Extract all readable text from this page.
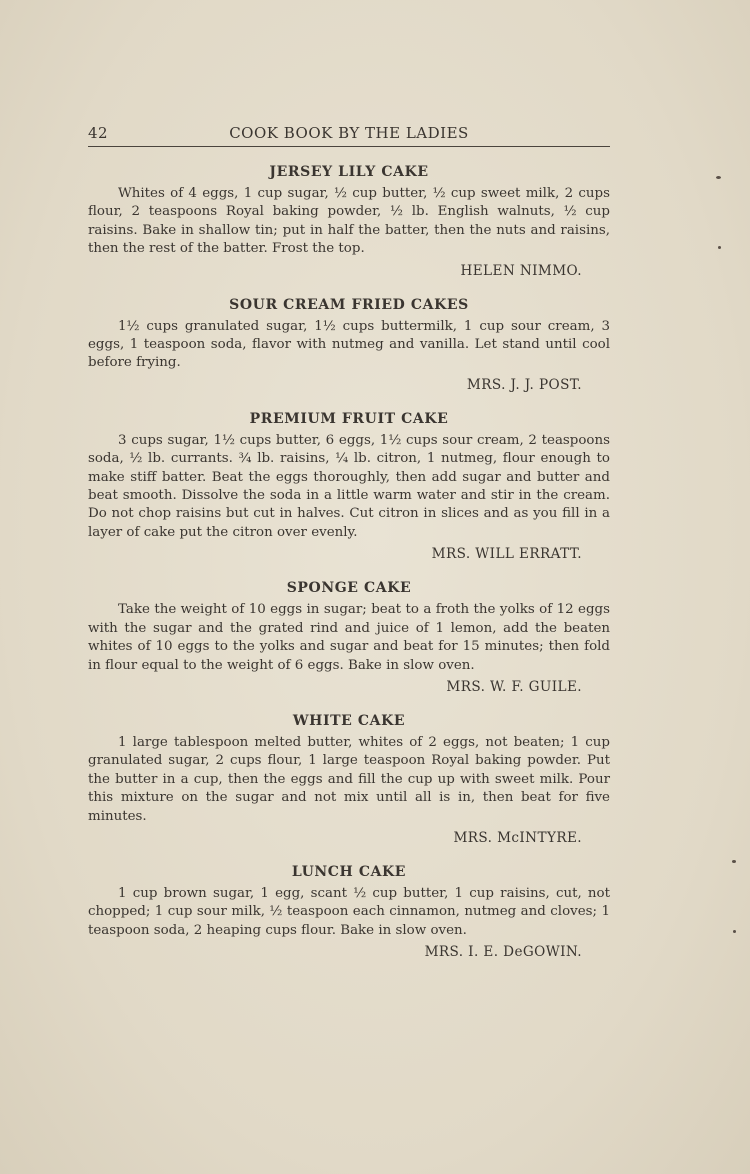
42	COOK BOOK BY THE LADIES
JERSEY LILY CAKE

Whites of 4 eggs, 1 cup sugar, ½ cup butter, ½ cup sweet milk, 2 cups flour, 2 teaspoons Royal baking powder, ½ lb. English walnuts, ½ cup raisins. Bake in shallow tin; put in half the batter, then the nuts and raisins, then the rest of the batter. Frost the top.

HELEN NIMMO.
SOUR CREAM FRIED CAKES

1½ cups granulated sugar, 1½ cups buttermilk, 1 cup sour cream, 3 eggs, 1 teaspoon soda, flavor with nutmeg and vanilla. Let stand until cool before frying.

MRS. J. J. POST.
PREMIUM FRUIT CAKE

3 cups sugar, 1½ cups butter, 6 eggs, 1½ cups sour cream, 2 teaspoons soda, ½ lb. currants. ¾ lb. raisins, ¼ lb. citron, 1 nutmeg, flour enough to make stiff batter. Beat the eggs thoroughly, then add sugar and butter and beat smooth. Dissolve the soda in a little warm water and stir in the cream. Do not chop raisins but cut in halves. Cut citron in slices and as you fill in a layer of cake put the citron over evenly.

MRS. WILL ERRATT.
SPONGE CAKE

Take the weight of 10 eggs in sugar; beat to a froth the yolks of 12 eggs with the sugar and the grated rind and juice of 1 lemon, add the beaten whites of 10 eggs to the yolks and sugar and beat for 15 minutes; then fold in flour equal to the weight of 6 eggs. Bake in slow oven.

MRS. W. F. GUILE.
WHITE CAKE

1 large tablespoon melted butter, whites of 2 eggs, not beaten; 1 cup granulated sugar, 2 cups flour, 1 large teaspoon Royal baking powder. Put the butter in a cup, then the eggs and fill the cup up with sweet milk. Pour this mixture on the sugar and not mix until all is in, then beat for five minutes.

MRS. McINTYRE.
LUNCH CAKE

1 cup brown sugar, 1 egg, scant ½ cup butter, 1 cup raisins, cut, not chopped; 1 cup sour milk, ½ teaspoon each cinnamon, nutmeg and cloves; 1 teaspoon soda, 2 heaping cups flour. Bake in slow oven.

MRS. I. E. DeGOWIN.
